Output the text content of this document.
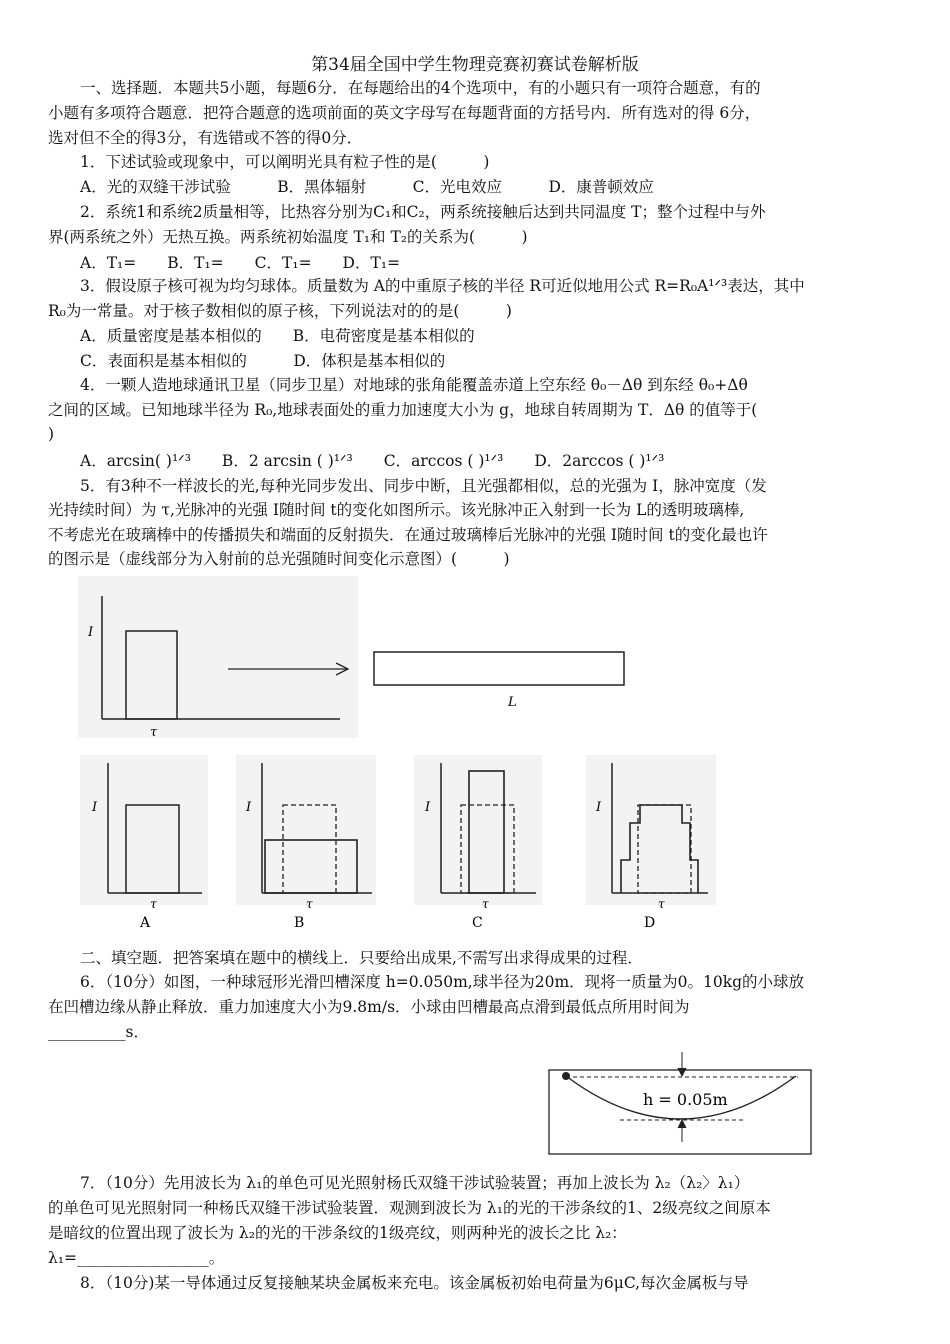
第34届全国中学生物理竞赛初赛试卷解析版
一、选择题．本题共5小题，每题6分．在每题给出的4个选项中，有的小题只有一项符合题意，有的
小题有多项符合题意．把符合题意的选项前面的英文字母写在每题背面的方括号内．所有选对的得 6分，
选对但不全的得3分，有选错或不答的得0分．
1．下述试验或现象中，可以阐明光具有粒子性的是(　　　)
A．光的双缝干涉试验　　　B．黑体辐射　　　C．光电效应　　　D．康普顿效应
2．系统1和系统2质量相等，比热容分别为C₁和C₂，两系统接触后达到共同温度 T；整个过程中与外
界(两系统之外）无热互换。两系统初始温度 T₁和 T₂的关系为(　　　)
A．T₁=　　B．T₁=　　C．T₁=　　D．T₁=
3．假设原子核可视为均匀球体。质量数为 A的中重原子核的半径 R可近似地用公式 R=R₀A¹ᐟ³表达，其中
R₀为一常量。对于核子数相似的原子核，下列说法对的的是(　　　)
A．质量密度是基本相似的　　B．电荷密度是基本相似的
C．表面积是基本相似的　　　D．体积是基本相似的
4．一颗人造地球通讯卫星（同步卫星）对地球的张角能覆盖赤道上空东经 θ₀－Δθ 到东经 θ₀+Δθ
之间的区域。已知地球半径为 R₀,地球表面处的重力加速度大小为 g，地球自转周期为 T．Δθ 的值等于(
)
A．arcsin( )¹ᐟ³　　B．2 arcsin ( )¹ᐟ³　　C．arccos ( )¹ᐟ³　　D．2arccos ( )¹ᐟ³
5．有3种不一样波长的光,每种光同步发出、同步中断，且光强都相似，总的光强为 I，脉冲宽度（发
光持续时间）为 τ,光脉冲的光强 I随时间 t的变化如图所示。该光脉冲正入射到一长为 L的透明玻璃棒,
不考虑光在玻璃棒中的传播损失和端面的反射损失．在通过玻璃棒后光脉冲的光强 I随时间 t的变化最也许
的图示是（虚线部分为入射前的总光强随时间变化示意图）(　　　)
I
τ
L
I
τ
A
I
τ
B
I
τ
C
I
τ
D
二、填空题．把答案填在题中的横线上．只要给出成果,不需写出求得成果的过程．
6．（10分）如图，一种球冠形光滑凹槽深度 h=0.050m,球半径为20m．现将一质量为0。10kg的小球放
在凹槽边缘从静止释放．重力加速度大小为9.8m/s．小球由凹槽最高点滑到最低点所用时间为
__________s．
h = 0.05m
7．（10分）先用波长为 λ₁的单色可见光照射杨氏双缝干涉试验装置；再加上波长为 λ₂（λ₂〉λ₁）
的单色可见光照射同一种杨氏双缝干涉试验装置．观测到波长为 λ₁的光的干涉条纹的1、2级亮纹之间原本
是暗纹的位置出现了波长为 λ₂的光的干涉条纹的1级亮纹，则两种光的波长之比 λ₂：
λ₁=_________________。
8．（10分)某一导体通过反复接触某块金属板来充电。该金属板初始电荷量为6μC,每次金属板与导
